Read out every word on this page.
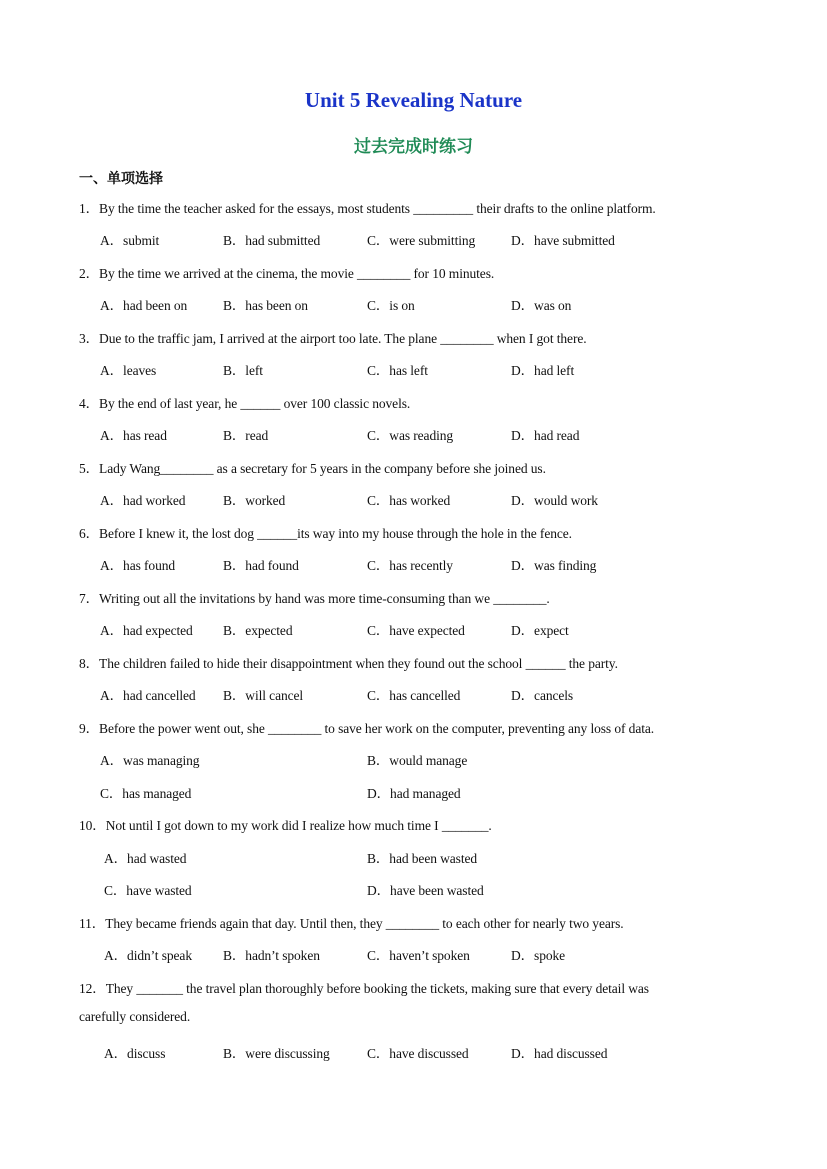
Unit 5 Revealing Nature
过去完成时练习
一、单项选择
1．By the time the teacher asked for the essays, most students _________ their drafts to the online platform.
A．submit	B．had submitted	C．were submitting	D．have submitted
2．By the time we arrived at the cinema, the movie ________ for 10 minutes.
A．had been on	B．has been on	C．is on	D．was on
3．Due to the traffic jam, I arrived at the airport too late. The plane ________ when I got there.
A．leaves	B．left	C．has left	D．had left
4．By the end of last year, he ______ over 100 classic novels.
A．has read	B．read	C．was reading	D．had read
5．Lady Wang________ as a secretary for 5 years in the company before she joined us.
A．had worked	B．worked	C．has worked	D．would work
6．Before I knew it, the lost dog ______its way into my house through the hole in the fence.
A．has found	B．had found	C．has recently	D．was finding
7．Writing out all the invitations by hand was more time-consuming than we ________.
A．had expected B．expected	C．have expected	D．expect
8．The children failed to hide their disappointment when they found out the school ______ the party.
A．had cancelled B．will cancel	C．has cancelled	D．cancels
9．Before the power went out, she ________ to save her work on the computer, preventing any loss of data.
A．was managing	B．would manage
C．has managed	D．had managed
10．Not until I got down to my work did I realize how much time I _______.
A．had wasted	B．had been wasted
C．have wasted	D．have been wasted
11．They became friends again that day. Until then, they ________ to each other for nearly two years.
A．didn’t speak B．hadn’t spoken	C．haven’t spoken	D．spoke
12．They _______ the travel plan thoroughly before booking the tickets, making sure that every detail was
carefully considered.
A．discuss	B．were discussing	C．have discussed	D．had discussed
